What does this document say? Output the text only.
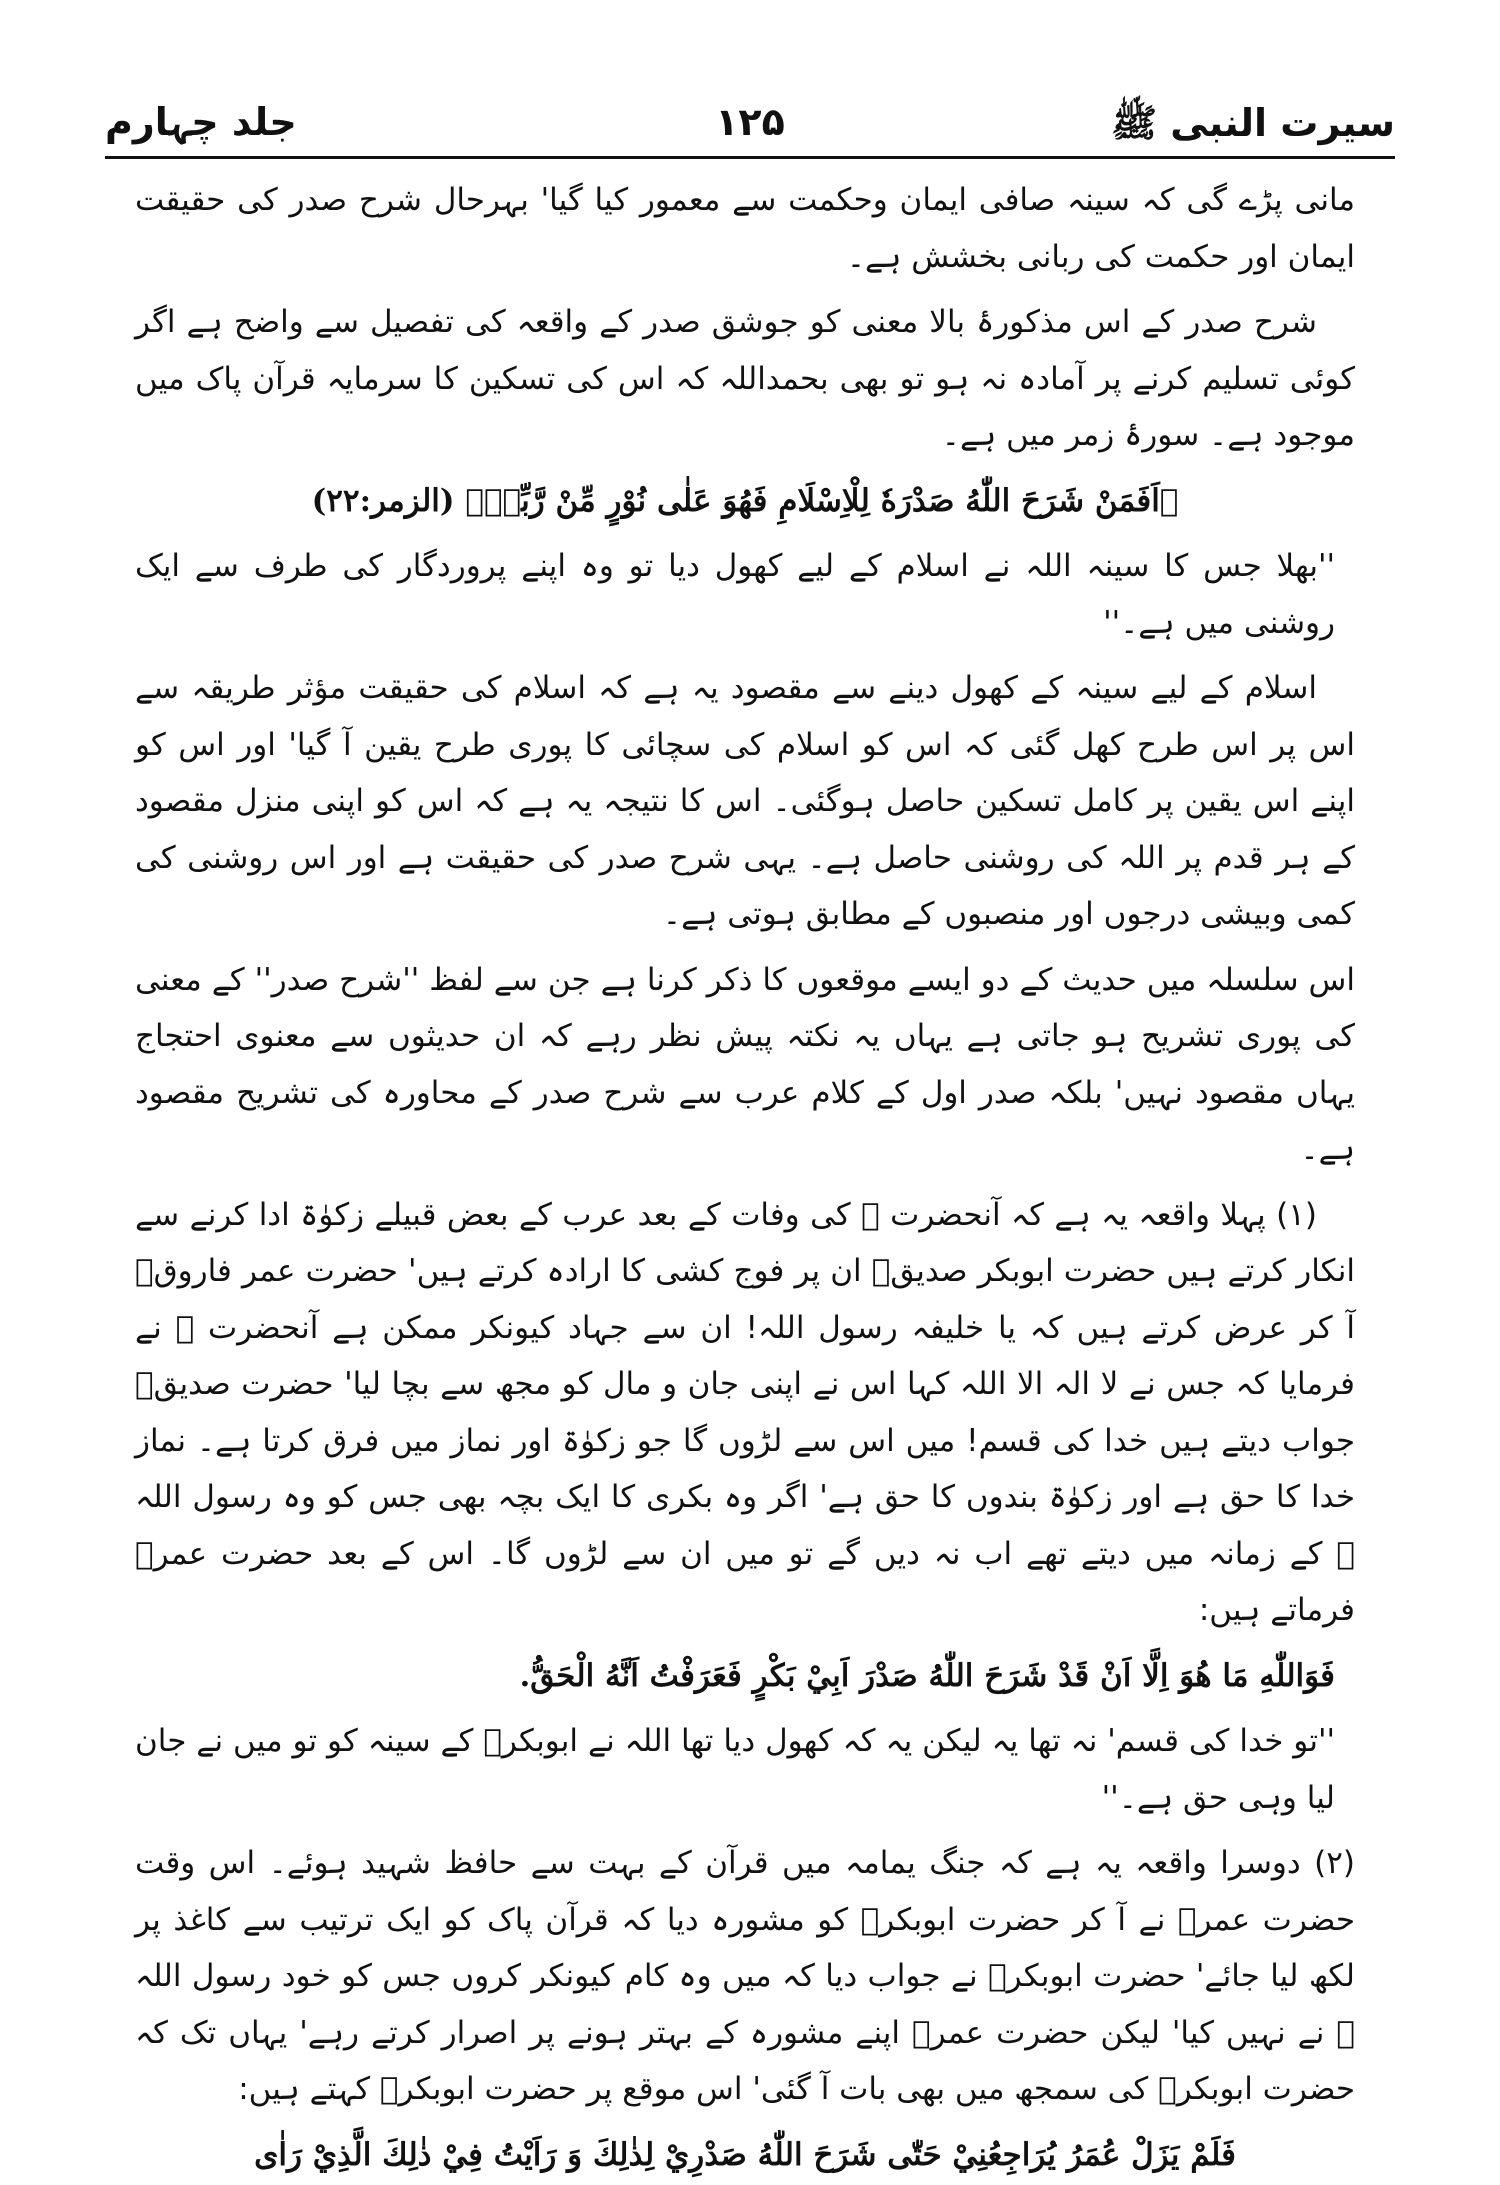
سیرت النبی ﷺ
۱۲۵
جلد چہارم

مانی پڑے گی کہ سینہ صافی ایمان وحکمت سے معمور کیا گیا' بہرحال شرح صدر کی حقیقت ایمان اور حکمت کی ربانی بخشش ہے۔

شرح صدر کے اس مذکورۂ بالا معنی کو جوشق صدر کے واقعہ کی تفصیل سے واضح ہے اگر کوئی تسلیم کرنے پر آمادہ نہ ہو تو بھی بحمداللہ کہ اس کی تسکین کا سرمایہ قرآن پاک میں موجود ہے۔ سورۂ زمر میں ہے۔

﴿اَفَمَنْ شَرَحَ اللّٰهُ صَدْرَهٗ لِلْاِسْلَامِ فَهُوَ عَلٰى نُوْرٍ مِّنْ رَّبِّهٖ﴾ (الزمر:۲۲)

''بھلا جس کا سینہ اللہ نے اسلام کے لیے کھول دیا تو وہ اپنے پروردگار کی طرف سے ایک روشنی میں ہے۔''

اسلام کے لیے سینہ کے کھول دینے سے مقصود یہ ہے کہ اسلام کی حقیقت مؤثر طریقہ سے اس پر اس طرح کھل گئی کہ اس کو اسلام کی سچائی کا پوری طرح یقین آ گیا' اور اس کو اپنے اس یقین پر کامل تسکین حاصل ہوگئی۔ اس کا نتیجہ یہ ہے کہ اس کو اپنی منزل مقصود کے ہر قدم پر اللہ کی روشنی حاصل ہے۔ یہی شرح صدر کی حقیقت ہے اور اس روشنی کی کمی وبیشی درجوں اور منصبوں کے مطابق ہوتی ہے۔

اس سلسلہ میں حدیث کے دو ایسے موقعوں کا ذکر کرنا ہے جن سے لفظ ''شرح صدر'' کے معنی کی پوری تشریح ہو جاتی ہے یہاں یہ نکتہ پیش نظر رہے کہ ان حدیثوں سے معنوی احتجاج یہاں مقصود نہیں' بلکہ صدر اول کے کلام عرب سے شرح صدر کے محاورہ کی تشریح مقصود ہے۔

(۱) پہلا واقعہ یہ ہے کہ آنحضرت ﷺ کی وفات کے بعد عرب کے بعض قبیلے زکوٰۃ ادا کرنے سے انکار کرتے ہیں حضرت ابوبکر صدیقؓ ان پر فوج کشی کا ارادہ کرتے ہیں' حضرت عمر فاروقؓ آ کر عرض کرتے ہیں کہ یا خلیفہ رسول اللہ! ان سے جہاد کیونکر ممکن ہے آنحضرت ﷺ نے فرمایا کہ جس نے لا الہ الا اللہ کہا اس نے اپنی جان و مال کو مجھ سے بچا لیا' حضرت صدیقؓ جواب دیتے ہیں خدا کی قسم! میں اس سے لڑوں گا جو زکوٰۃ اور نماز میں فرق کرتا ہے۔ نماز خدا کا حق ہے اور زکوٰۃ بندوں کا حق ہے' اگر وہ بکری کا ایک بچہ بھی جس کو وہ رسول اللہ ﷺ کے زمانہ میں دیتے تھے اب نہ دیں گے تو میں ان سے لڑوں گا۔ اس کے بعد حضرت عمرؓ فرماتے ہیں:

فَوَاللّٰهِ مَا هُوَ اِلَّا اَنْ قَدْ شَرَحَ اللّٰهُ صَدْرَ اَبِيْ بَكْرٍ فَعَرَفْتُ اَنَّهُ الْحَقُّ.

''تو خدا کی قسم' نہ تھا یہ لیکن یہ کہ کھول دیا تھا اللہ نے ابوبکرؓ کے سینہ کو تو میں نے جان لیا وہی حق ہے۔''

(۲) دوسرا واقعہ یہ ہے کہ جنگ یمامہ میں قرآن کے بہت سے حافظ شہید ہوئے۔ اس وقت حضرت عمرؓ نے آ کر حضرت ابوبکرؓ کو مشورہ دیا کہ قرآن پاک کو ایک ترتیب سے کاغذ پر لکھ لیا جائے' حضرت ابوبکرؓ نے جواب دیا کہ میں وہ کام کیونکر کروں جس کو خود رسول اللہ ﷺ نے نہیں کیا' لیکن حضرت عمرؓ اپنے مشورہ کے بہتر ہونے پر اصرار کرتے رہے' یہاں تک کہ حضرت ابوبکرؓ کی سمجھ میں بھی بات آ گئی' اس موقع پر حضرت ابوبکرؓ کہتے ہیں:

فَلَمْ يَزَلْ عُمَرُ يُرَاجِعُنِيْ حَتّٰى شَرَحَ اللّٰهُ صَدْرِيْ لِذٰلِكَ وَ رَاَيْتُ فِيْ ذٰلِكَ الَّذِيْ رَاٰى
